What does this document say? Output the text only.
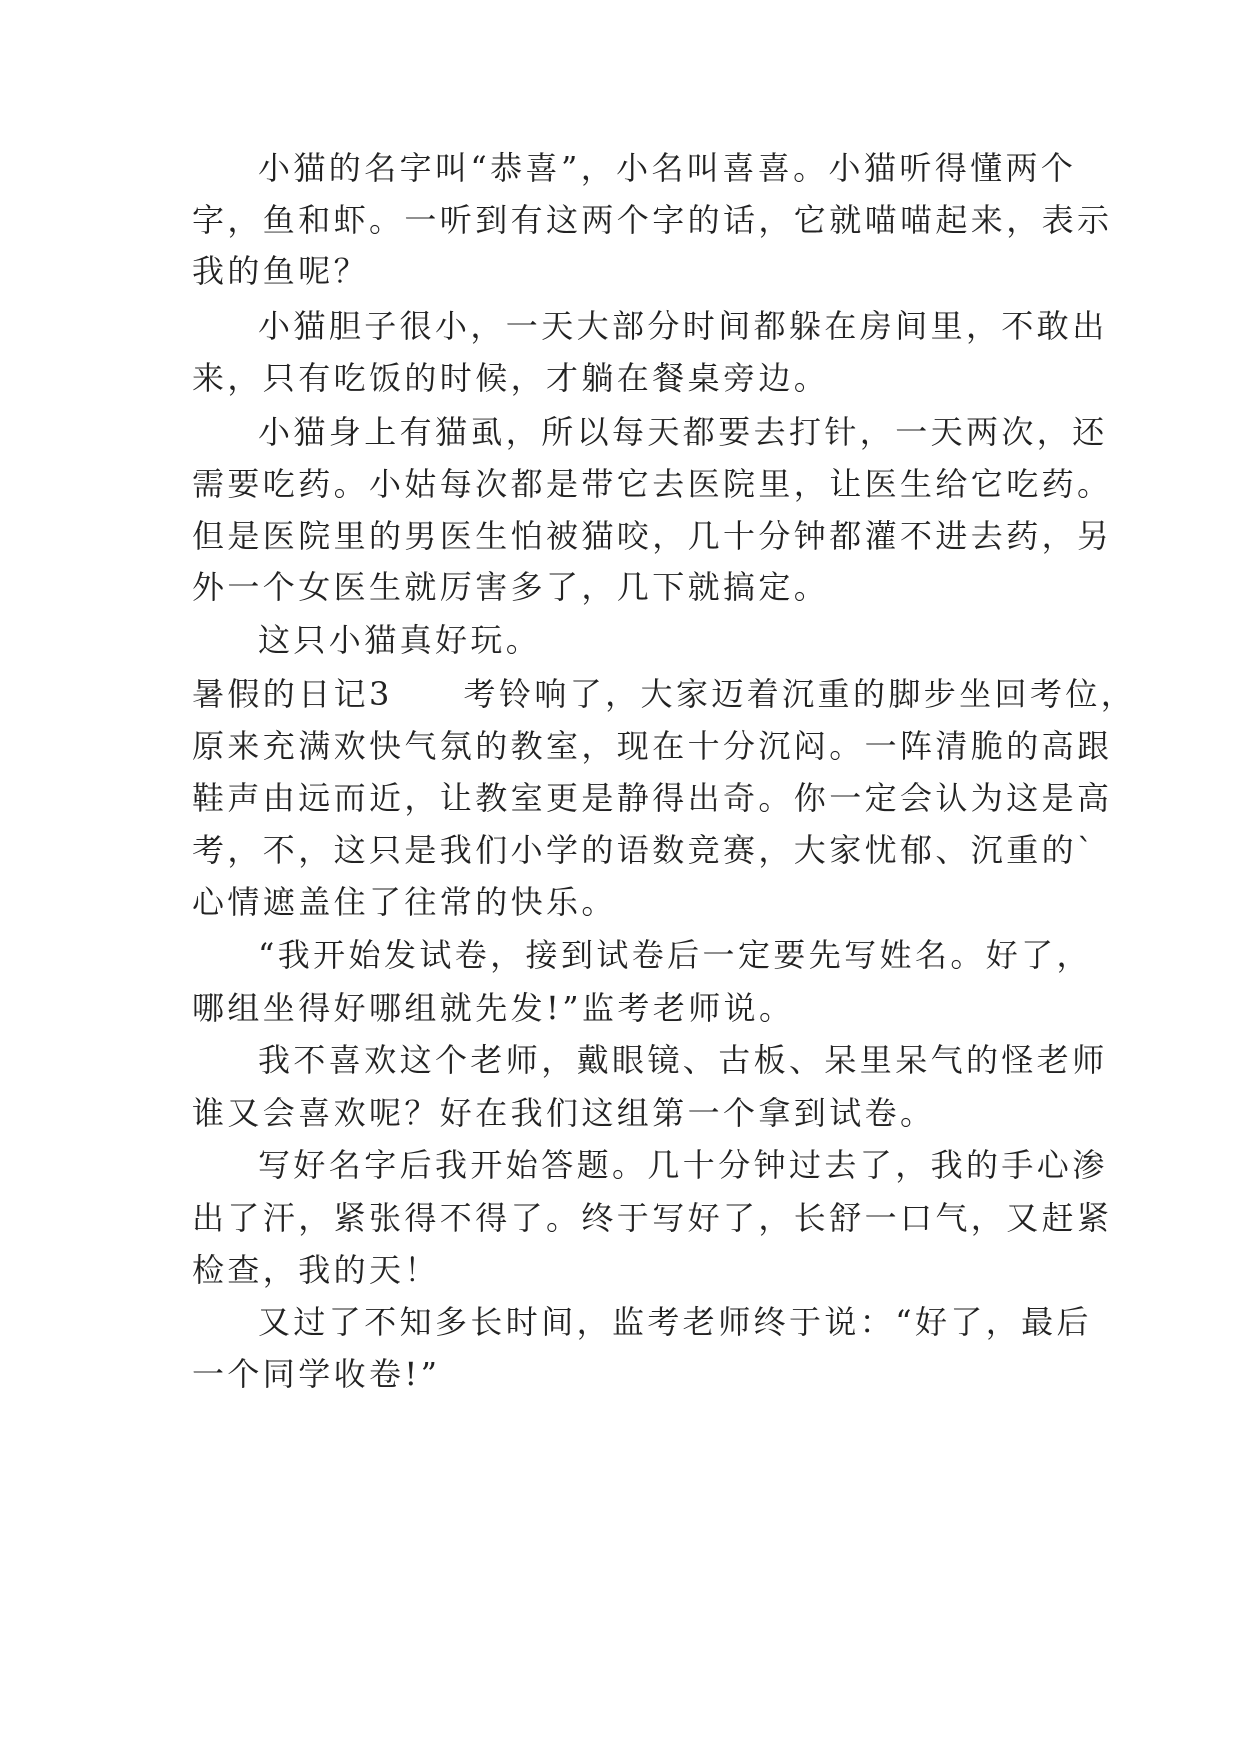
小猫的名字叫“恭喜”，小名叫喜喜。小猫听得懂两个

字，鱼和虾。一听到有这两个字的话，它就喵喵起来，表示

我的鱼呢？

小猫胆子很小，一天大部分时间都躲在房间里，不敢出

来，只有吃饭的时候，才躺在餐桌旁边。

小猫身上有猫虱，所以每天都要去打针，一天两次，还

需要吃药。小姑每次都是带它去医院里，让医生给它吃药。

但是医院里的男医生怕被猫咬，几十分钟都灌不进去药，另

外一个女医生就厉害多了，几下就搞定。

这只小猫真好玩。

暑假的日记3　　考铃响了，大家迈着沉重的脚步坐回考位，

原来充满欢快气氛的教室，现在十分沉闷。一阵清脆的高跟

鞋声由远而近，让教室更是静得出奇。你一定会认为这是高

考，不，这只是我们小学的语数竞赛，大家忧郁、沉重的`

心情遮盖住了往常的快乐。

“我开始发试卷，接到试卷后一定要先写姓名。好了，

哪组坐得好哪组就先发!”监考老师说。

我不喜欢这个老师，戴眼镜、古板、呆里呆气的怪老师

谁又会喜欢呢？好在我们这组第一个拿到试卷。

写好名字后我开始答题。几十分钟过去了，我的手心渗

出了汗，紧张得不得了。终于写好了，长舒一口气，又赶紧

检查，我的天！

又过了不知多长时间，监考老师终于说：“好了，最后

一个同学收卷!”
